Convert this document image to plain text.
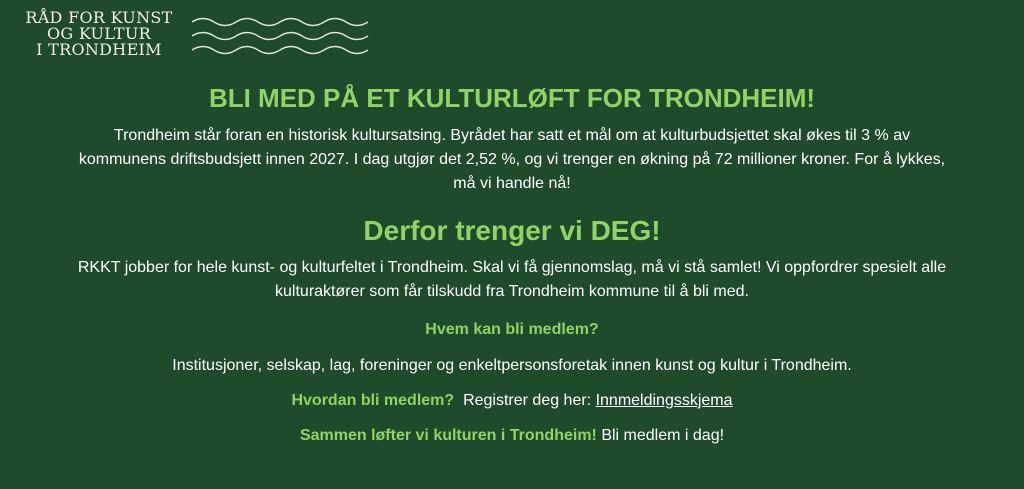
RÅD FOR KUNST
OG KULTUR
I TRONDHEIM
BLI MED PÅ ET KULTURLØFT FOR TRONDHEIM!

Trondheim står foran en historisk kultursatsing. Byrådet har satt et mål om at kulturbudsjettet skal økes til 3 % av kommunens driftsbudsjett innen 2027. I dag utgjør det 2,52 %, og vi trenger en økning på 72 millioner kroner. For å lykkes, må vi handle nå!

Derfor trenger vi DEG!

RKKT jobber for hele kunst- og kulturfeltet i Trondheim. Skal vi få gjennomslag, må vi stå samlet! Vi oppfordrer spesielt alle kulturaktører som får tilskudd fra Trondheim kommune til å bli med.

Hvem kan bli medlem?

Institusjoner, selskap, lag, foreninger og enkeltpersonsforetak innen kunst og kultur i Trondheim.

Hvordan bli medlem? Registrer deg her: Innmeldingsskjema

Sammen løfter vi kulturen i Trondheim! Bli medlem i dag!
